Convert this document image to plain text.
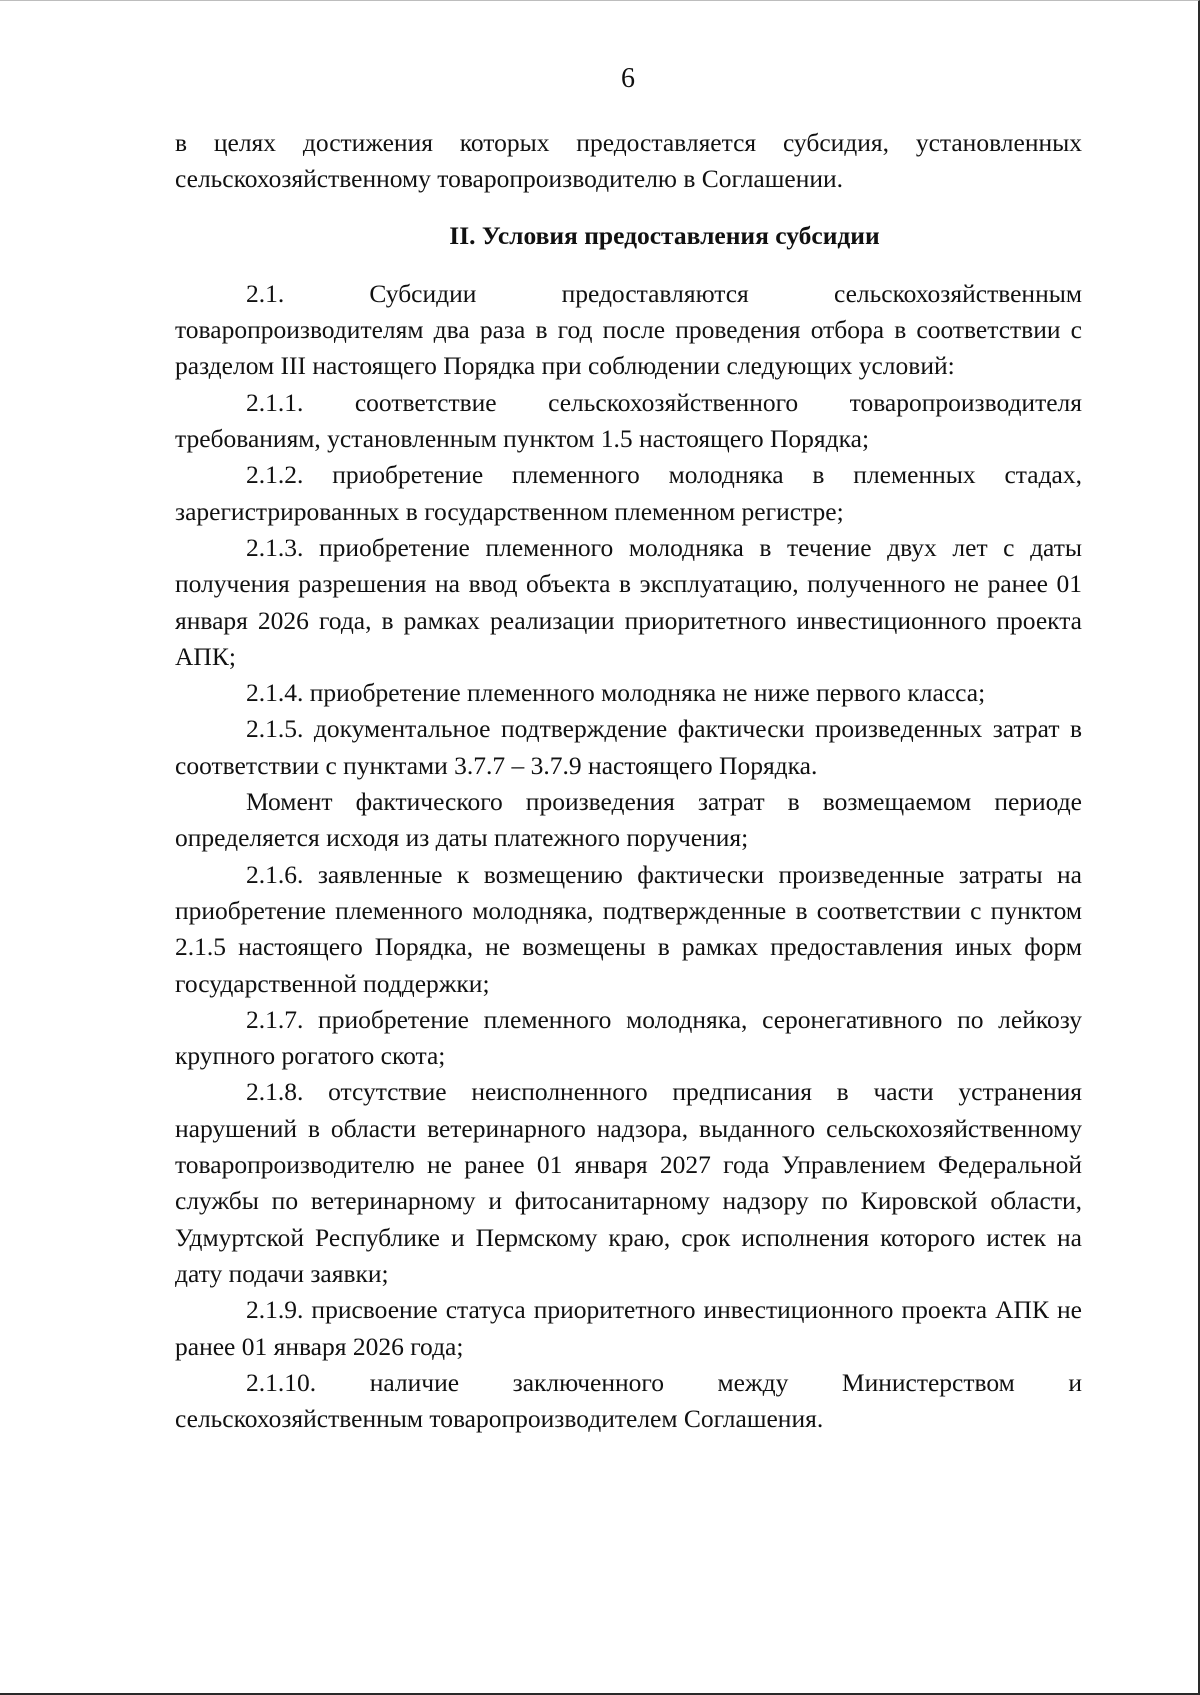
6

в целях достижения которых предоставляется субсидия, установленных сельскохозяйственному товаропроизводителю в Соглашении.

II. Условия предоставления субсидии

2.1. Субсидии предоставляются сельскохозяйственным товаропроизводителям два раза в год после проведения отбора в соответствии с разделом III настоящего Порядка при соблюдении следующих условий:

2.1.1. соответствие сельскохозяйственного товаропроизводителя требованиям, установленным пунктом 1.5 настоящего Порядка;

2.1.2. приобретение племенного молодняка в племенных стадах, зарегистрированных в государственном племенном регистре;

2.1.3. приобретение племенного молодняка в течение двух лет с даты получения разрешения на ввод объекта в эксплуатацию, полученного не ранее 01 января 2026 года, в рамках реализации приоритетного инвестиционного проекта АПК;

2.1.4. приобретение племенного молодняка не ниже первого класса;

2.1.5. документальное подтверждение фактически произведенных затрат в соответствии с пунктами 3.7.7 – 3.7.9 настоящего Порядка.

Момент фактического произведения затрат в возмещаемом периоде определяется исходя из даты платежного поручения;

2.1.6. заявленные к возмещению фактически произведенные затраты на приобретение племенного молодняка, подтвержденные в соответствии с пунктом 2.1.5 настоящего Порядка, не возмещены в рамках предоставления иных форм государственной поддержки;

2.1.7. приобретение племенного молодняка, серонегативного по лейкозу крупного рогатого скота;

2.1.8. отсутствие неисполненного предписания в части устранения нарушений в области ветеринарного надзора, выданного сельскохозяйственному товаропроизводителю не ранее 01 января 2027 года Управлением Федеральной службы по ветеринарному и фитосанитарному надзору по Кировской области, Удмуртской Республике и Пермскому краю, срок исполнения которого истек на дату подачи заявки;

2.1.9. присвоение статуса приоритетного инвестиционного проекта АПК не ранее 01 января 2026 года;

2.1.10. наличие заключенного между Министерством и сельскохозяйственным товаропроизводителем Соглашения.
